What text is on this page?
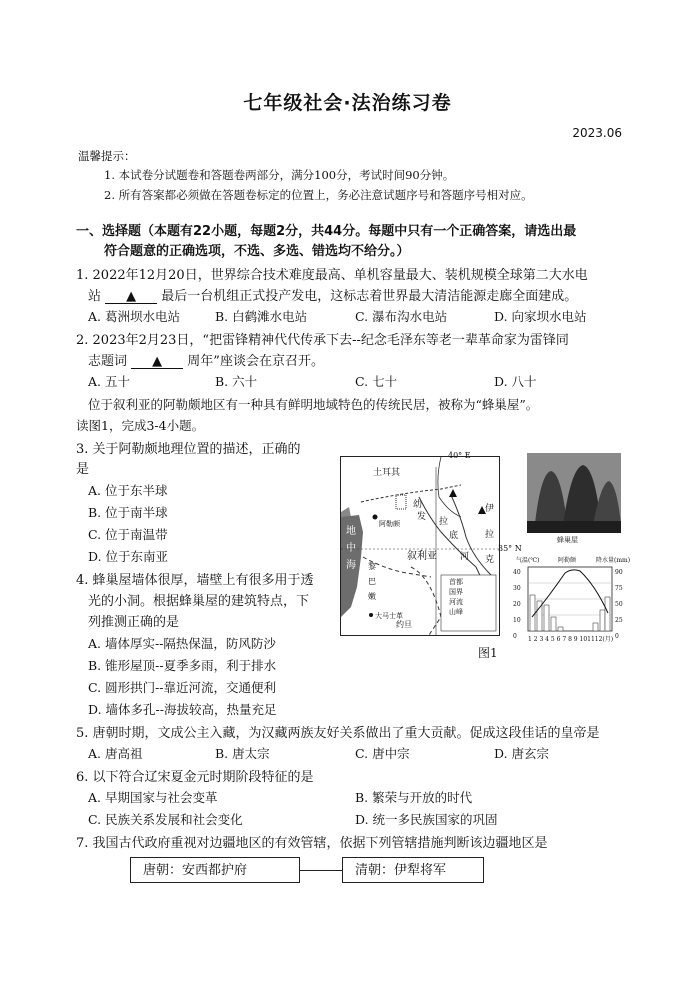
七年级社会·法治练习卷
2023.06
温馨提示：
1. 本试卷分试题卷和答题卷两部分，满分100分，考试时间90分钟。
2. 所有答案都必须做在答题卷标定的位置上，务必注意试题序号和答题序号相对应。
一、选择题（本题有22小题，每题2分，共44分。每题中只有一个正确答案，请选出最
符合题意的正确选项，不选、多选、错选均不给分。）
1. 2022年12月20日，世界综合技术难度最高、单机容量最大、装机规模全球第二大水电
站 ▲ 最后一台机组正式投产发电，这标志着世界最大清洁能源走廊全面建成。
A. 葛洲坝水电站	B. 白鹤滩水电站	C. 瀑布沟水电站	D. 向家坝水电站
2. 2023年2月23日，“把雷锋精神代代传承下去--纪念毛泽东等老一辈革命家为雷锋同
志题词 ▲ 周年”座谈会在京召开。
A. 五十	B. 六十	C. 七十	D. 八十
位于叙利亚的阿勒颇地区有一种具有鲜明地域特色的传统民居，被称为“蜂巢屋”。
读图1，完成3-4小题。
3. 关于阿勒颇地理位置的描述，正确的
是
A. 位于东半球
B. 位于南半球
C. 位于南温带
D. 位于东南亚
4. 蜂巢屋墙体很厚，墙壁上有很多用于透
光的小洞。根据蜂巢屋的建筑特点，下
列推测正确的是
A. 墙体厚实--隔热保温，防风防沙
B. 锥形屋顶--夏季多雨，利于排水
C. 圆形拱门--靠近河流，交通便利
D. 墙体多孔--海拔较高，热量充足
土耳其
幼
发 拉
底
伊
拉
克
河
叙利亚
地
中
海 黎
巴
嫩
阿勒颇
大马士革
约旦
首都
国界
河流
山峰
40° E
35° N
蜂巢屋
气温(℃)	阿勒颇	降水量(mm)
40
30
20
10
0
90
75
50
25
0
1 2 3 4 5 6 7 8 9 101112(月)
图1
5. 唐朝时期，文成公主入藏，为汉藏两族友好关系做出了重大贡献。促成这段佳话的皇帝是
A. 唐高祖	B. 唐太宗	C. 唐中宗	D. 唐玄宗
6. 以下符合辽宋夏金元时期阶段特征的是
A. 早期国家与社会变革	B. 繁荣与开放的时代
C. 民族关系发展和社会变化	D. 统一多民族国家的巩固
7. 我国古代政府重视对边疆地区的有效管辖，依据下列管辖措施判断该边疆地区是
唐朝：安西都护府	清朝：伊犁将军
